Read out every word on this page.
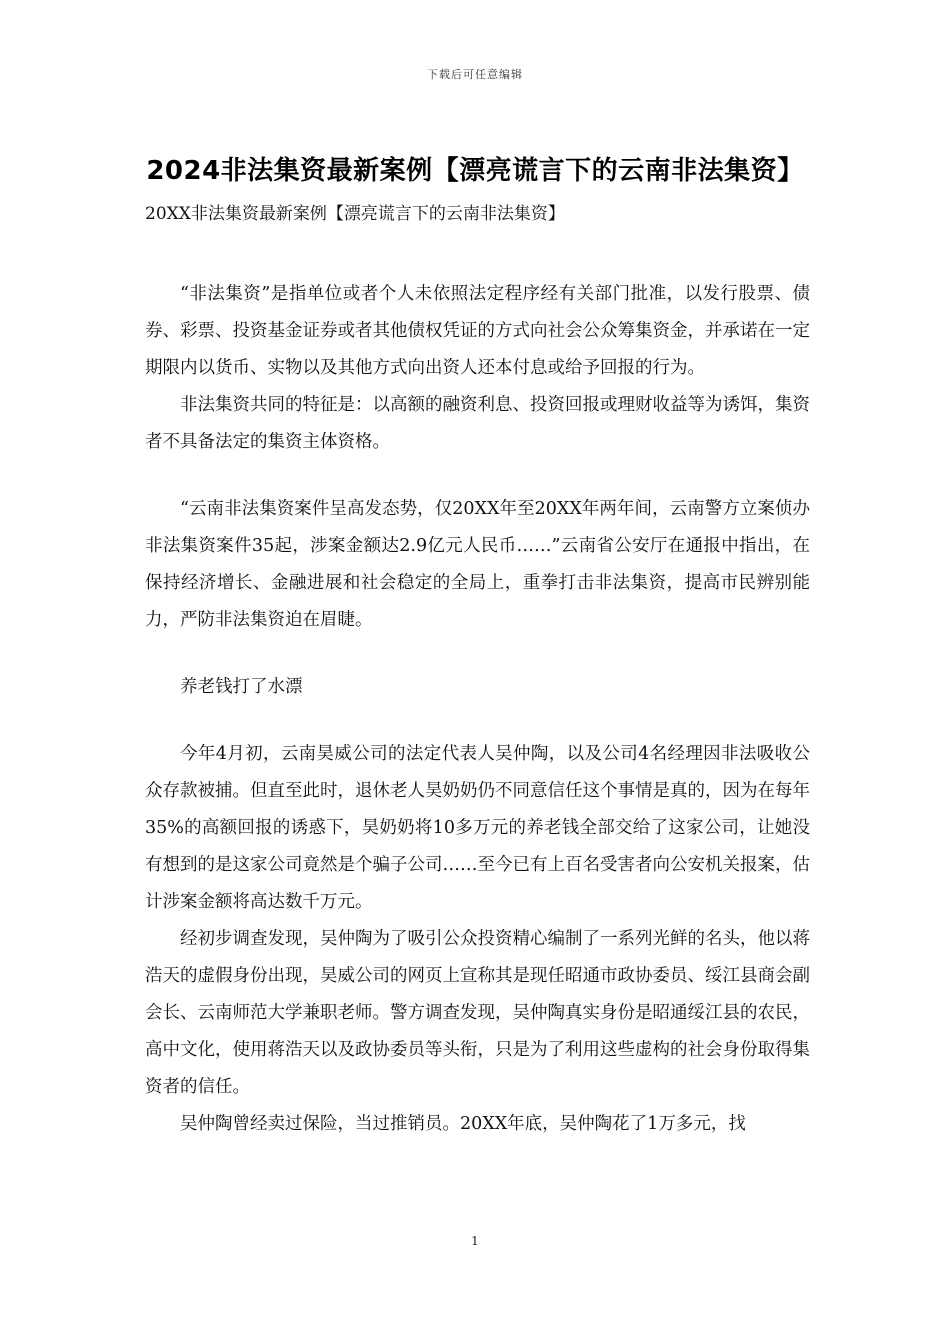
下载后可任意编辑
2024非法集资最新案例【漂亮谎言下的云南非法集资】

20XX非法集资最新案例【漂亮谎言下的云南非法集资】

“非法集资”是指单位或者个人未依照法定程序经有关部门批准，以发行股票、债券、彩票、投资基金证券或者其他债权凭证的方式向社会公众筹集资金，并承诺在一定期限内以货币、实物以及其他方式向出资人还本付息或给予回报的行为。

非法集资共同的特征是：以高额的融资利息、投资回报或理财收益等为诱饵，集资者不具备法定的集资主体资格。

“云南非法集资案件呈高发态势，仅20XX年至20XX年两年间，云南警方立案侦办非法集资案件35起，涉案金额达2.9亿元人民币……”云南省公安厅在通报中指出，在保持经济增长、金融进展和社会稳定的全局上，重拳打击非法集资，提高市民辨别能力，严防非法集资迫在眉睫。

养老钱打了水漂

今年4月初，云南昊威公司的法定代表人吴仲陶，以及公司4名经理因非法吸收公众存款被捕。但直至此时，退休老人昊奶奶仍不同意信任这个事情是真的，因为在每年35%的高额回报的诱惑下，昊奶奶将10多万元的养老钱全部交给了这家公司，让她没有想到的是这家公司竟然是个骗子公司……至今已有上百名受害者向公安机关报案，估计涉案金额将高达数千万元。

经初步调查发现，吴仲陶为了吸引公众投资精心编制了一系列光鲜的名头，他以蒋浩天的虚假身份出现，昊威公司的网页上宣称其是现任昭通市政协委员、绥江县商会副会长、云南师范大学兼职老师。警方调查发现，吴仲陶真实身份是昭通绥江县的农民，高中文化，使用蒋浩天以及政协委员等头衔，只是为了利用这些虚构的社会身份取得集资者的信任。

吴仲陶曾经卖过保险，当过推销员。20XX年底，吴仲陶花了1万多元，找

1
